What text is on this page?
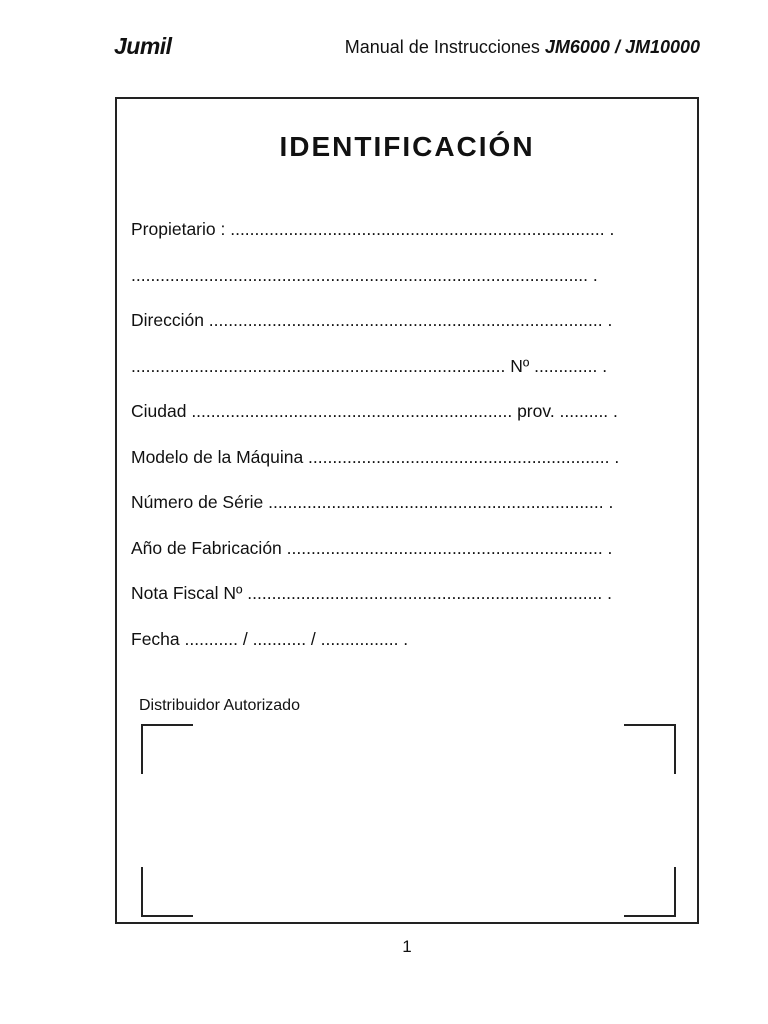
Jumil	Manual de Instrucciones JM6000 / JM10000
IDENTIFICACIÓN
Propietario : ............................................................................. .
.............................................................................................. .
Dirección ................................................................................. .
............................................................................. Nº ............. .
Ciudad .................................................................. prov. .......... .
Modelo de la Máquina .............................................................. .
Número de Série ..................................................................... .
Año de Fabricación ................................................................. .
Nota Fiscal Nº ......................................................................... .
Fecha ........... / ........... / ................ .
Distribuidor Autorizado
1
